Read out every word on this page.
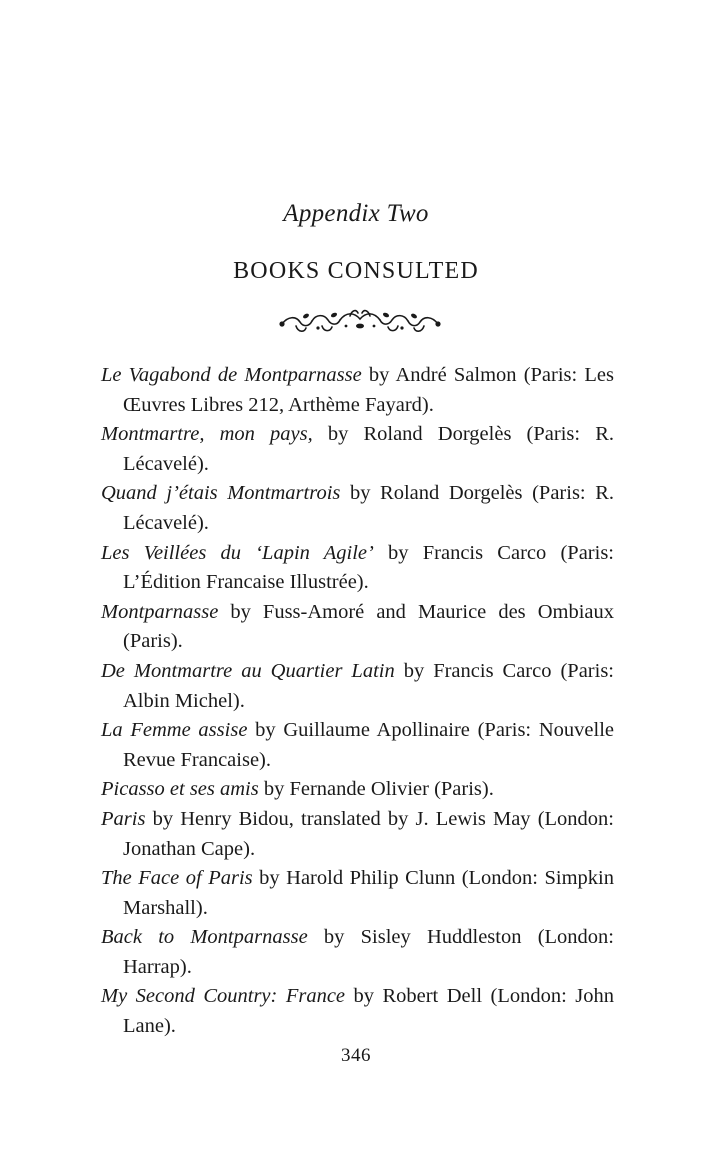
Appendix Two
BOOKS CONSULTED

Le Vagabond de Montparnasse by André Salmon (Paris: Les Œuvres Libres 212, Arthème Fayard).

Montmartre, mon pays, by Roland Dorgelès (Paris: R. Lécavelé).

Quand j’étais Montmartrois by Roland Dorgelès (Paris: R. Lécavelé).

Les Veillées du ‘Lapin Agile’ by Francis Carco (Paris: L’Édition Francaise Illustrée).

Montparnasse by Fuss-Amoré and Maurice des Ombiaux (Paris).

De Montmartre au Quartier Latin by Francis Carco (Paris: Albin Michel).

La Femme assise by Guillaume Apollinaire (Paris: Nouvelle Revue Francaise).

Picasso et ses amis by Fernande Olivier (Paris).

Paris by Henry Bidou, translated by J. Lewis May (London: Jonathan Cape).

The Face of Paris by Harold Philip Clunn (London: Simpkin Marshall).

Back to Montparnasse by Sisley Huddleston (London: Harrap).

My Second Country: France by Robert Dell (London: John Lane).

346
